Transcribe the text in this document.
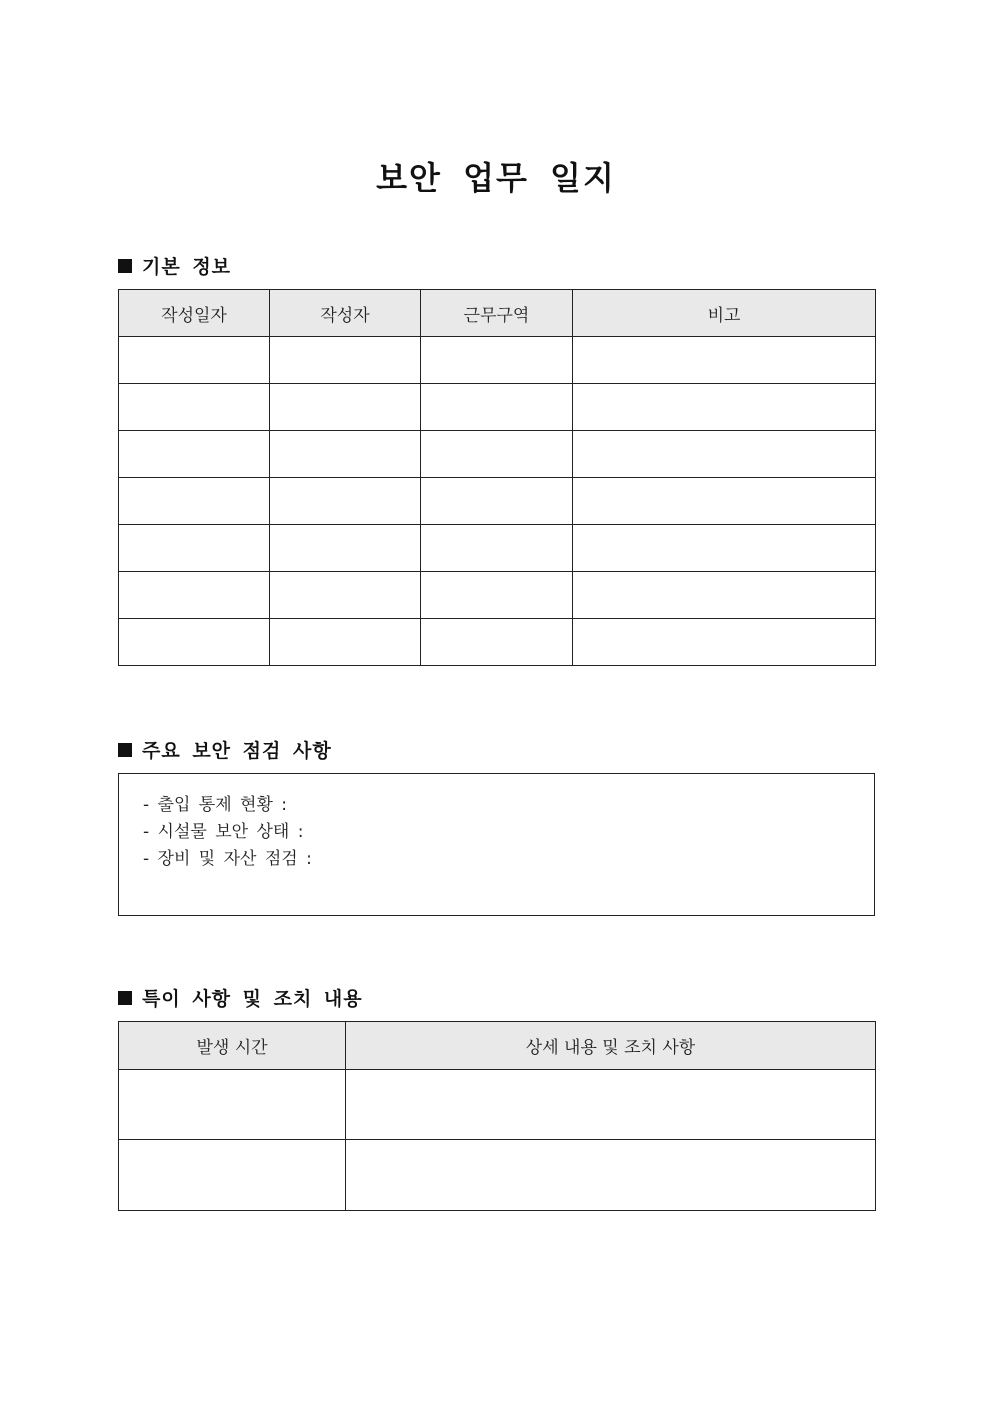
보안 업무 일지
기본 정보
작성일자	작성자	근무구역	비고

주요 보안 점검 사항
- 출입 통제 현황 :
- 시설물 보안 상태 :
- 장비 및 자산 점검 :
특이 사항 및 조치 내용
발생 시간	상세 내용 및 조치 사항
